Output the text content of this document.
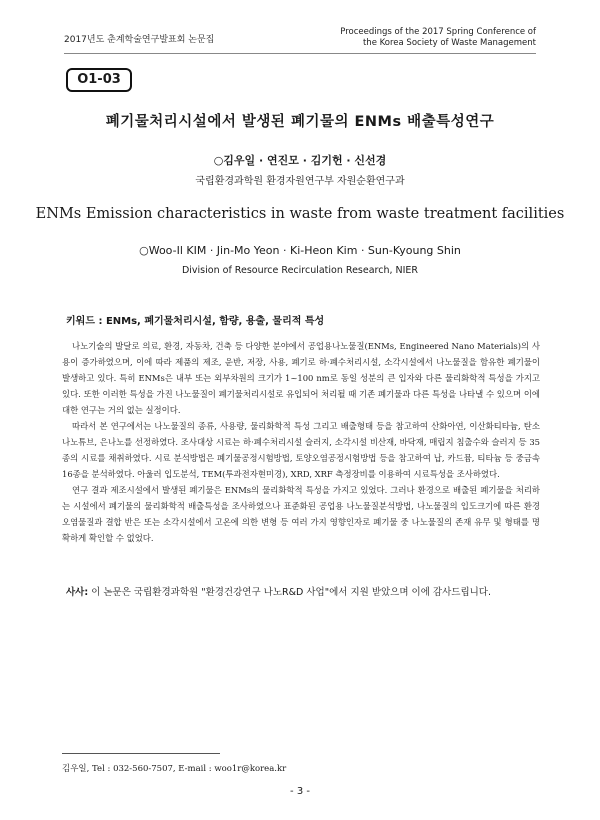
2017년도 춘계학술연구발표회 논문집
Proceedings of the 2017 Spring Conference of
the Korea Society of Waste Management
O1-03
폐기물처리시설에서 발생된 폐기물의 ENMs 배출특성연구
○김우일 · 연진모 · 김기헌 · 신선경
국립환경과학원 환경자원연구부 자원순환연구과
ENMs Emission characteristics in waste from waste treatment facilities
○Woo-Il KIM · Jin-Mo Yeon · Ki-Heon Kim · Sun-Kyoung Shin
Division of Resource Recirculation Research, NIER
키워드 : ENMs, 폐기물처리시설, 함량, 용출, 물리적 특성

나노기술의 발달로 의료, 환경, 자동차, 건축 등 다양한 분야에서 공업용나노물질(ENMs, Engineered Nano Materials)의 사용이 증가하였으며, 이에 따라 제품의 제조, 운반, 저장, 사용, 폐기로 하·폐수처리시설, 소각시설에서 나노물질을 함유한 폐기물이 발생하고 있다. 특히 ENMs은 내부 또는 외부차원의 크기가 1~100 nm로 동일 성분의 큰 입자와 다른 물리화학적 특성을 가지고 있다. 또한 이러한 특성을 가진 나노물질이 폐기물처리시설로 유입되어 처리될 때 기존 폐기물과 다른 특성을 나타낼 수 있으며 이에 대한 연구는 거의 없는 실정이다.

따라서 본 연구에서는 나노물질의 종류, 사용량, 물리화학적 특성 그리고 배출형태 등을 참고하여 산화아연, 이산화티타늄, 탄소나노튜브, 은나노를 선정하였다. 조사대상 시료는 하·폐수처리시설 슬러지, 소각시설 비산재, 바닥재, 매립지 침출수와 슬러지 등 35종의 시료를 채취하였다. 시료 분석방법은 폐기물공정시험방법, 토양오염공정시험방법 등을 참고하여 납, 카드뮴, 티타늄 등 중금속 16종을 분석하였다. 아울러 입도분석, TEM(투과전자현미경), XRD, XRF 측정장비를 이용하여 시료특성을 조사하였다.

연구 결과 제조시설에서 발생된 폐기물은 ENMs의 물리화학적 특성을 가지고 있었다. 그러나 환경으로 배출된 폐기물을 처리하는 시설에서 폐기물의 물리화학적 배출특성을 조사하였으나 표준화된 공업용 나노물질분석방법, 나노물질의 입도크기에 따른 환경오염물질과 결합 반은 또는 소각시설에서 고온에 의한 변형 등 여러 가지 영향인자로 폐기물 중 나노물질의 존재 유무 및 형태를 명확하게 확인할 수 없었다.

사사: 이 논문은 국립환경과학원 "환경건강연구 나노R&D 사업"에서 지원 받았으며 이에 감사드립니다.
김우일, Tel : 032-560-7507, E-mail : woo1r@korea.kr
- 3 -
